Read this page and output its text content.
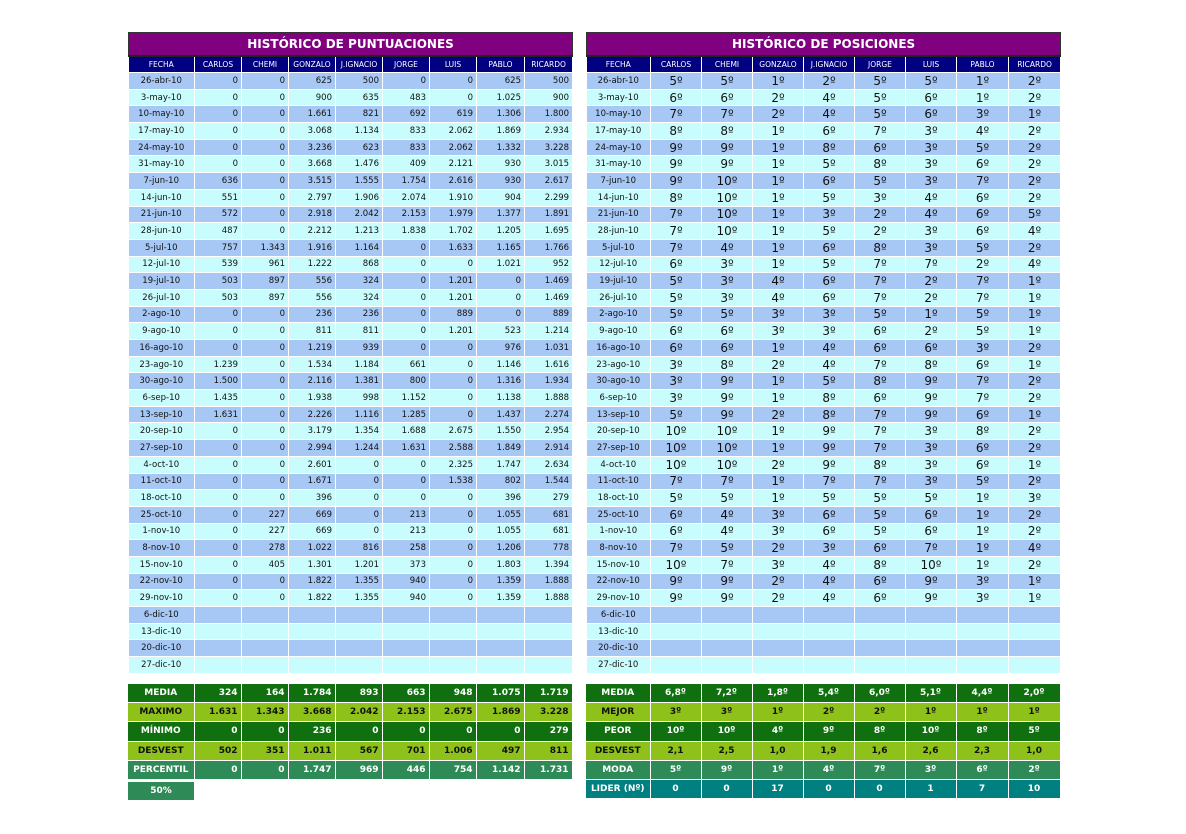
HISTÓRICO DE PUNTUACIONES								
FECHA	CARLOS	CHEMI	GONZALO	J.IGNACIO	JORGE	LUIS	PABLO	RICARDO
26-abr-10	0	0	625	500	0	0	625	500
3-may-10	0	0	900	635	483	0	1.025	900
10-may-10	0	0	1.661	821	692	619	1.306	1.800
17-may-10	0	0	3.068	1.134	833	2.062	1.869	2.934
24-may-10	0	0	3.236	623	833	2.062	1.332	3.228
31-may-10	0	0	3.668	1.476	409	2.121	930	3.015
7-jun-10	636	0	3.515	1.555	1.754	2.616	930	2.617
14-jun-10	551	0	2.797	1.906	2.074	1.910	904	2.299
21-jun-10	572	0	2.918	2.042	2.153	1.979	1.377	1.891
28-jun-10	487	0	2.212	1.213	1.838	1.702	1.205	1.695
5-jul-10	757	1.343	1.916	1.164	0	1.633	1.165	1.766
12-jul-10	539	961	1.222	868	0	0	1.021	952
19-jul-10	503	897	556	324	0	1.201	0	1.469
26-jul-10	503	897	556	324	0	1.201	0	1.469
2-ago-10	0	0	236	236	0	889	0	889
9-ago-10	0	0	811	811	0	1.201	523	1.214
16-ago-10	0	0	1.219	939	0	0	976	1.031
23-ago-10	1.239	0	1.534	1.184	661	0	1.146	1.616
30-ago-10	1.500	0	2.116	1.381	800	0	1.316	1.934
6-sep-10	1.435	0	1.938	998	1.152	0	1.138	1.888
13-sep-10	1.631	0	2.226	1.116	1.285	0	1.437	2.274
20-sep-10	0	0	3.179	1.354	1.688	2.675	1.550	2.954
27-sep-10	0	0	2.994	1.244	1.631	2.588	1.849	2.914
4-oct-10	0	0	2.601	0	0	2.325	1.747	2.634
11-oct-10	0	0	1.671	0	0	1.538	802	1.544
18-oct-10	0	0	396	0	0	0	396	279
25-oct-10	0	227	669	0	213	0	1.055	681
1-nov-10	0	227	669	0	213	0	1.055	681
8-nov-10	0	278	1.022	816	258	0	1.206	778
15-nov-10	0	405	1.301	1.201	373	0	1.803	1.394
22-nov-10	0	0	1.822	1.355	940	0	1.359	1.888
29-nov-10	0	0	1.822	1.355	940	0	1.359	1.888
6-dic-10								
13-dic-10								
20-dic-10								
27-dic-10								
HISTÓRICO DE POSICIONES								
FECHA	CARLOS	CHEMI	GONZALO	J.IGNACIO	JORGE	LUIS	PABLO	RICARDO
26-abr-10	5º	5º	1º	2º	5º	5º	1º	2º
3-may-10	6º	6º	2º	4º	5º	6º	1º	2º
10-may-10	7º	7º	2º	4º	5º	6º	3º	1º
17-may-10	8º	8º	1º	6º	7º	3º	4º	2º
24-may-10	9º	9º	1º	8º	6º	3º	5º	2º
31-may-10	9º	9º	1º	5º	8º	3º	6º	2º
7-jun-10	9º	10º	1º	6º	5º	3º	7º	2º
14-jun-10	8º	10º	1º	5º	3º	4º	6º	2º
21-jun-10	7º	10º	1º	3º	2º	4º	6º	5º
28-jun-10	7º	10º	1º	5º	2º	3º	6º	4º
5-jul-10	7º	4º	1º	6º	8º	3º	5º	2º
12-jul-10	6º	3º	1º	5º	7º	7º	2º	4º
19-jul-10	5º	3º	4º	6º	7º	2º	7º	1º
26-jul-10	5º	3º	4º	6º	7º	2º	7º	1º
2-ago-10	5º	5º	3º	3º	5º	1º	5º	1º
9-ago-10	6º	6º	3º	3º	6º	2º	5º	1º
16-ago-10	6º	6º	1º	4º	6º	6º	3º	2º
23-ago-10	3º	8º	2º	4º	7º	8º	6º	1º
30-ago-10	3º	9º	1º	5º	8º	9º	7º	2º
6-sep-10	3º	9º	1º	8º	6º	9º	7º	2º
13-sep-10	5º	9º	2º	8º	7º	9º	6º	1º
20-sep-10	10º	10º	1º	9º	7º	3º	8º	2º
27-sep-10	10º	10º	1º	9º	7º	3º	6º	2º
4-oct-10	10º	10º	2º	9º	8º	3º	6º	1º
11-oct-10	7º	7º	1º	7º	7º	3º	5º	2º
18-oct-10	5º	5º	1º	5º	5º	5º	1º	3º
25-oct-10	6º	4º	3º	6º	5º	6º	1º	2º
1-nov-10	6º	4º	3º	6º	5º	6º	1º	2º
8-nov-10	7º	5º	2º	3º	6º	7º	1º	4º
15-nov-10	10º	7º	3º	4º	8º	10º	1º	2º
22-nov-10	9º	9º	2º	4º	6º	9º	3º	1º
29-nov-10	9º	9º	2º	4º	6º	9º	3º	1º
6-dic-10								
13-dic-10								
20-dic-10								
27-dic-10								
MEDIA	324	164	1.784	893	663	948	1.075	1.719
MAXIMO	1.631	1.343	3.668	2.042	2.153	2.675	1.869	3.228
MÍNIMO	0	0	236	0	0	0	0	279
DESVEST	502	351	1.011	567	701	1.006	497	811
PERCENTIL	0	0	1.747	969	446	754	1.142	1.731
50%
MEDIA	6,8º	7,2º	1,8º	5,4º	6,0º	5,1º	4,4º	2,0º
MEJOR	3º	3º	1º	2º	2º	1º	1º	1º
PEOR	10º	10º	4º	9º	8º	10º	8º	5º
DESVEST	2,1	2,5	1,0	1,9	1,6	2,6	2,3	1,0
MODA	5º	9º	1º	4º	7º	3º	6º	2º
LIDER (Nº)	0	0	17	0	0	1	7	10
